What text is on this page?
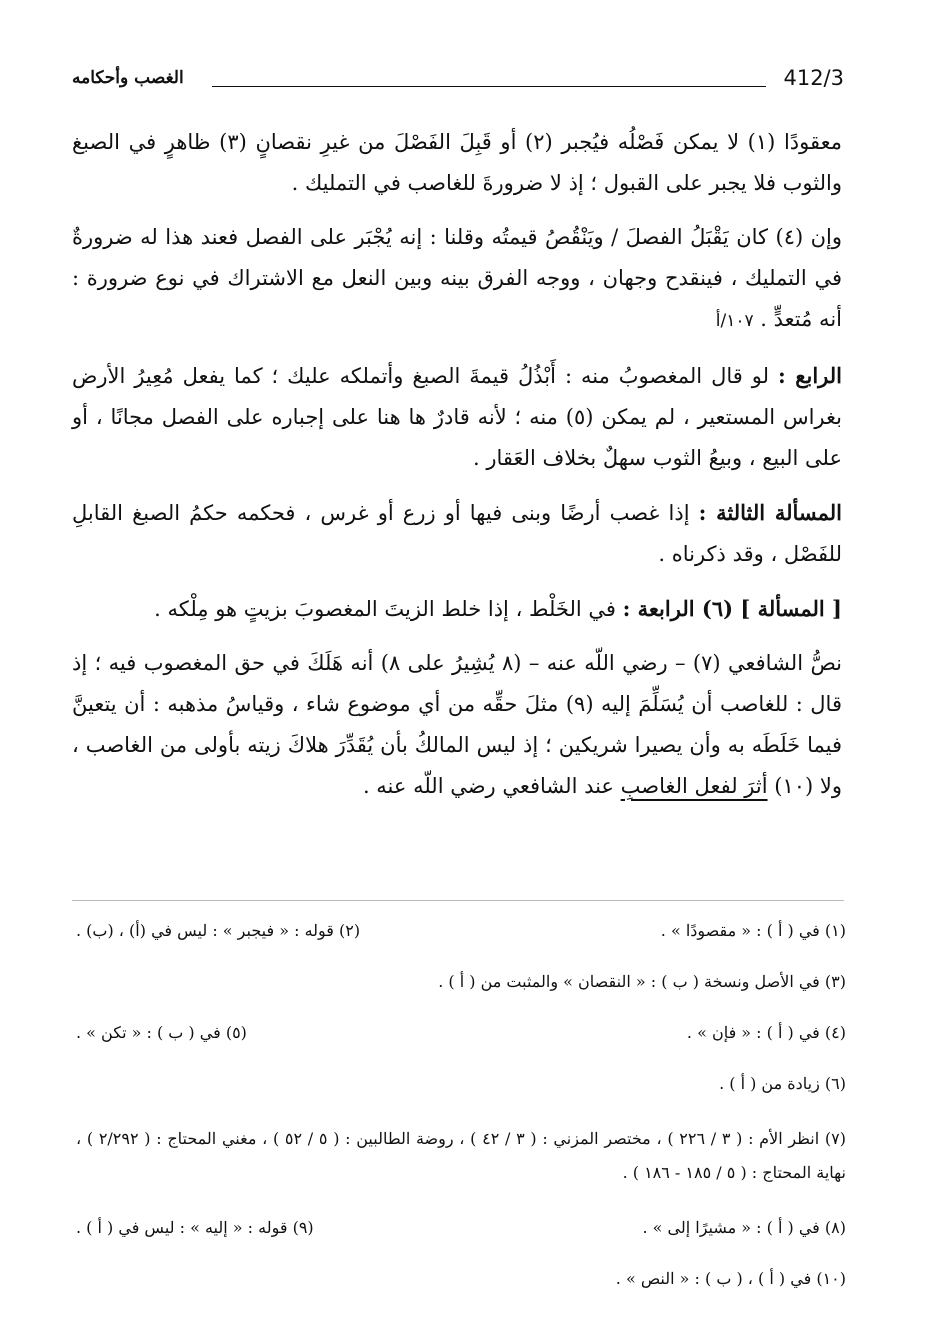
412/3
الغصب وأحكامه

معقودًا (١) لا يمكن فَصْلُه فيُجبر (٢) أو قَبِلَ الفَصْلَ من غيرِ نقصانٍ (٣) ظاهرٍ في الصبغ والثوب فلا يجبر على القبول ؛ إذ لا ضرورةَ للغاصب في التمليك .

وإن (٤) كان يَقْبَلُ الفصلَ / ويَنْقُصُ قيمتُه وقلنا : إنه يُجْبَر على الفصل فعند هذا له ضرورةٌ في التمليك ، فينقدح وجهان ، ووجه الفرق بينه وبين النعل مع الاشتراك في نوع ضرورة : أنه مُتعدٍّ . ١٠٧/أ

الرابع : لو قال المغصوبُ منه : أَبْذُلُ قيمةَ الصبغ وأتملكه عليك ؛ كما يفعل مُعِيرُ الأرض بغراس المستعير ، لم يمكن (٥) منه ؛ لأنه قادرٌ ها هنا على إجباره على الفصل مجانًا ، أو على البيع ، وبيعُ الثوب سهلٌ بخلاف العَقار .

المسألة الثالثة : إذا غصب أرضًا وبنى فيها أو زرع أو غرس ، فحكمه حكمُ الصبغ القابلِ للفَصْل ، وقد ذكرناه .

[ المسألة ] (٦) الرابعة : في الخَلْط ، إذا خلط الزيتَ المغصوبَ بزيتٍ هو مِلْكه .

نصُّ الشافعي (٧) – رضي اللّه عنه – (٨ يُشِيرُ على ٨) أنه هَلَكَ في حق المغصوب فيه ؛ إذ قال : للغاصب أن يُسَلِّمَ إليه (٩) مثلَ حقِّه من أي موضوع شاء ، وقياسُ مذهبه : أن يتعينَّ فيما خَلَطَه به وأن يصيرا شريكين ؛ إذ ليس المالكُ بأن يُقَدِّرَ هلاكَ زيته بأولى من الغاصب ، ولا (١٠) أثرَ لفعل الغاصبِ عند الشافعي رضي اللّه عنه .

(١) في ( أ ) : « مقصودًا » .
(٢) قوله : « فيجبر » : ليس في (أ) ، (ب) .
(٣) في الأصل ونسخة ( ب ) : « النقصان » والمثبت من ( أ ) .
(٤) في ( أ ) : « فإن » .
(٥) في ( ب ) : « تكن » .
(٦) زيادة من ( أ ) .
(٧) انظر الأم : ( ٣ / ٢٢٦ ) ، مختصر المزني : ( ٣ / ٤٢ ) ، روضة الطالبين : ( ٥ / ٥٢ ) ، مغني المحتاج : ( ٢/٢٩٢ ) ، نهاية المحتاج : ( ٥ / ١٨٥ - ١٨٦ ) .
(٨) في ( أ ) : « مشيرًا إلى » .
(٩) قوله : « إليه » : ليس في ( أ ) .
(١٠) في ( أ ) ، ( ب ) : « النص » .
